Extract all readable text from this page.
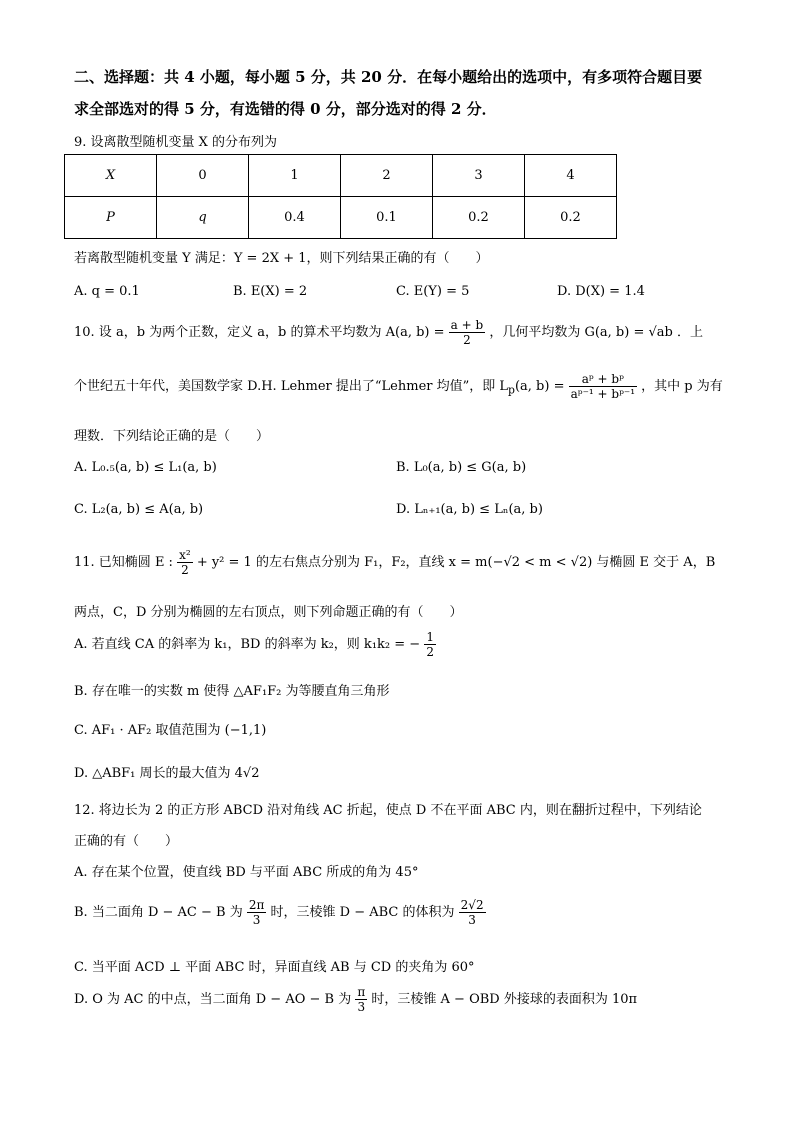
二、选择题：共 4 小题，每小题 5 分，共 20 分．在每小题给出的选项中，有多项符合题目要
求全部选对的得 5 分，有选错的得 0 分，部分选对的得 2 分．
9. 设离散型随机变量 X 的分布列为
X	0	1	2	3	4
P	q	0.4	0.1	0.2	0.2
若离散型随机变量 Y 满足：Y = 2X + 1，则下列结果正确的有（　　）
A. q = 0.1	B. E(X) = 2	C. E(Y) = 5	D. D(X) = 1.4
10. 设 a，b 为两个正数，定义 a，b 的算术平均数为 A(a, $b) = \frac{a + b}{2}$ ，几何平均数为 G(a, b) = √ab ．上
个世纪五十年代，美国数学家 D.H. Lehmer 提出了“Lehmer 均值”，即 $L_p(a$, $b) = \frac{\text{aᵖ + bᵖ}}{\text{aᵖ⁻¹ + bᵖ⁻¹}}$ ，其中 p 为有
理数．下列结论正确的是（　　）
A. L₀.₅(a, b) ≤ L₁(a, b)	B. L₀(a, b) ≤ G(a, b)
C. L₂(a, b) ≤ A(a, b)	D. Lₙ₊₁(a, b) ≤ Lₙ(a, b)
11. 已知椭圆 E : $\frac{\text{x²}}{2} + y^2 = 1$ 的左右焦点分别为 F₁，F₂，直线 x = m(−√2 < m < √2) 与椭圆 E 交于 A，B
两点，C，D 分别为椭圆的左右顶点，则下列命题正确的有（　　）
A. 若直线 CA 的斜率为 k₁，BD 的斜率为 k₂，则 k₁k₂ = − $\frac{1}{2}$
B. 存在唯一的实数 m 使得 △AF₁F₂ 为等腰直角三角形
C. AF₁ · AF₂ 取值范围为 (−1,1)
D. △ABF₁ 周长的最大值为 4√2
12. 将边长为 2 的正方形 ABCD 沿对角线 AC 折起，使点 D 不在平面 ABC 内，则在翻折过程中，下列结论
正确的有（　　）
A. 存在某个位置，使直线 BD 与平面 ABC 所成的角为 45°
B. 当二面角 D − AC − B 为 $\frac{2\pi}{3}$ 时，三棱锥 D − ABC 的体积为 $\frac{2√2}{3}$
C. 当平面 ACD ⊥ 平面 ABC 时，异面直线 AB 与 CD 的夹角为 60°
D. O 为 AC 的中点，当二面角 D − AO − B 为 $\frac{\pi}{3}$ 时，三棱锥 A − OBD 外接球的表面积为 10π
